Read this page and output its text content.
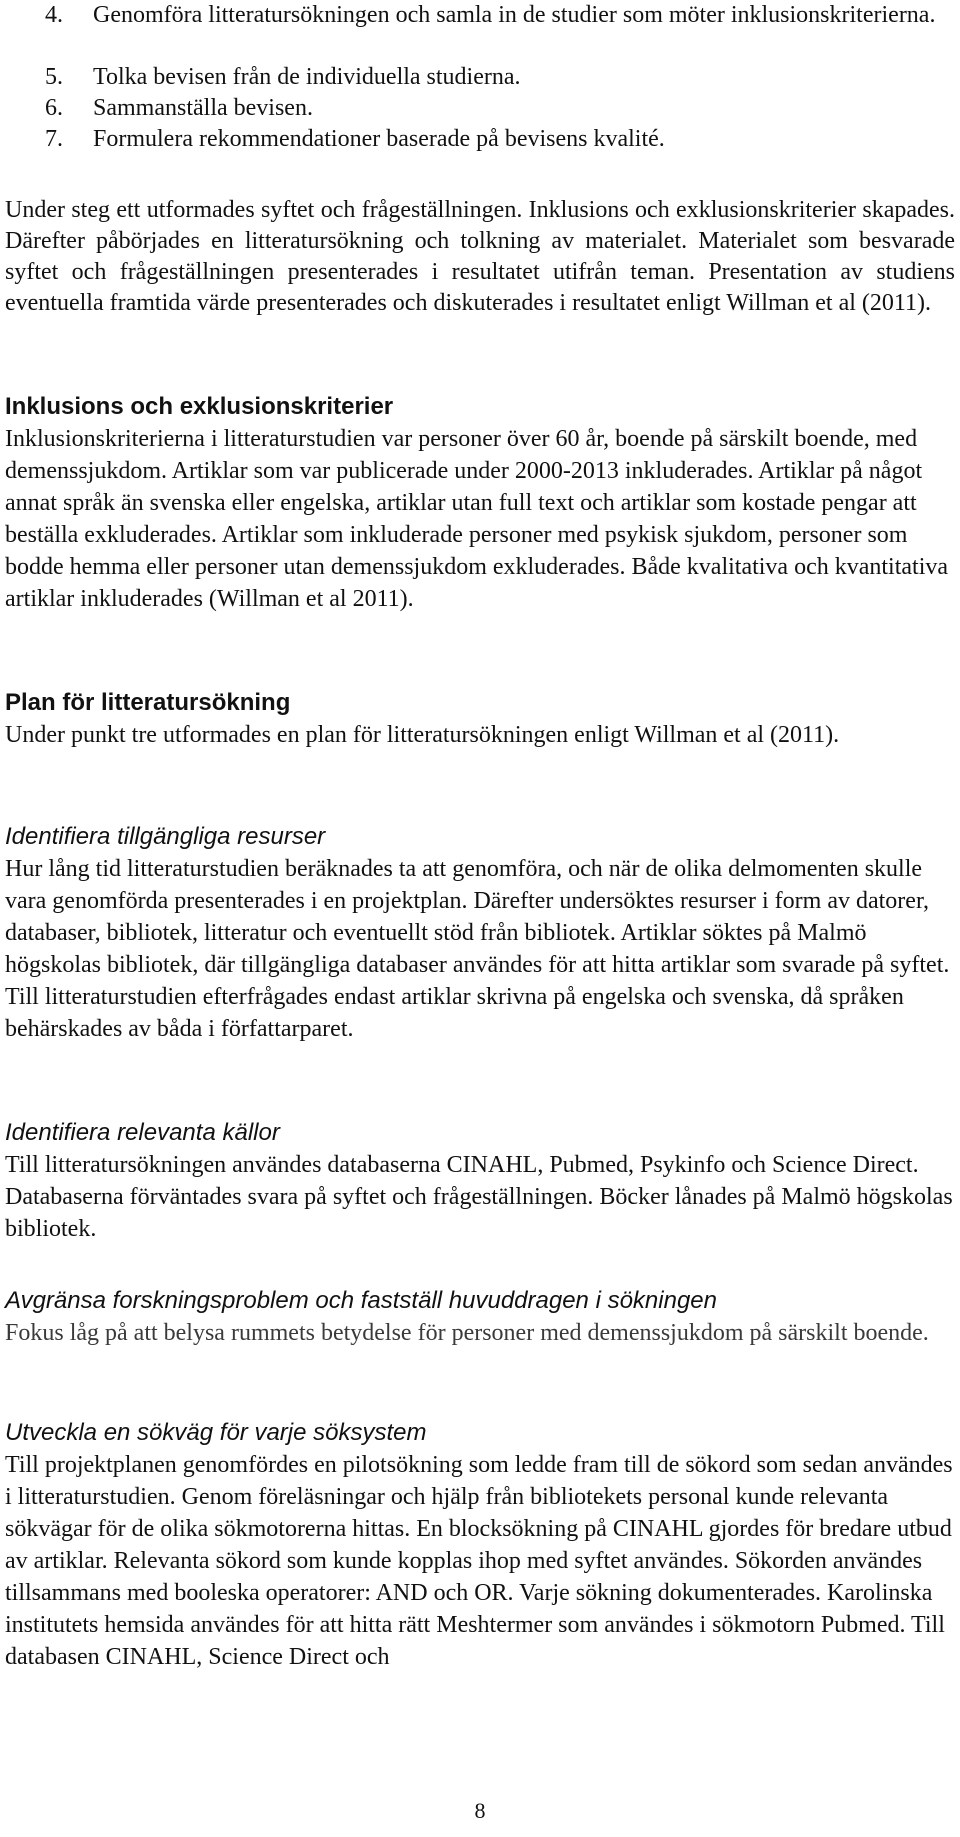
4. Genomföra litteratursökningen och samla in de studier som möter inklusionskriterierna.
5. Tolka bevisen från de individuella studierna.
6. Sammanställa bevisen.
7. Formulera rekommendationer baserade på bevisens kvalité.

Under steg ett utformades syftet och frågeställningen. Inklusions och exklusionskriterier skapades. Därefter påbörjades en litteratursökning och tolkning av materialet. Materialet som besvarade syftet och frågeställningen presenterades i resultatet utifrån teman. Presentation av studiens eventuella framtida värde presenterades och diskuterades i resultatet enligt Willman et al (2011).

Inklusions och exklusionskriterier

Inklusionskriterierna i litteraturstudien var personer över 60 år, boende på särskilt boende, med demenssjukdom. Artiklar som var publicerade under 2000-2013 inkluderades. Artiklar på något annat språk än svenska eller engelska, artiklar utan full text och artiklar som kostade pengar att beställa exkluderades. Artiklar som inkluderade personer med psykisk sjukdom, personer som bodde hemma eller personer utan demenssjukdom exkluderades. Både kvalitativa och kvantitativa artiklar inkluderades (Willman et al 2011).

Plan för litteratursökning

Under punkt tre utformades en plan för litteratursökningen enligt Willman et al (2011).

Identifiera tillgängliga resurser

Hur lång tid litteraturstudien beräknades ta att genomföra, och när de olika delmomenten skulle vara genomförda presenterades i en projektplan. Därefter undersöktes resurser i form av datorer, databaser, bibliotek, litteratur och eventuellt stöd från bibliotek. Artiklar söktes på Malmö högskolas bibliotek, där tillgängliga databaser användes för att hitta artiklar som svarade på syftet. Till litteraturstudien efterfrågades endast artiklar skrivna på engelska och svenska, då språken behärskades av båda i författarparet.

Identifiera relevanta källor

Till litteratursökningen användes databaserna CINAHL, Pubmed, Psykinfo och Science Direct. Databaserna förväntades svara på syftet och frågeställningen. Böcker lånades på Malmö högskolas bibliotek.

Avgränsa forskningsproblem och fastställ huvuddragen i sökningen

Fokus låg på att belysa rummets betydelse för personer med demenssjukdom på särskilt boende.

Utveckla en sökväg för varje söksystem

Till projektplanen genomfördes en pilotsökning som ledde fram till de sökord som sedan användes i litteraturstudien. Genom föreläsningar och hjälp från bibliotekets personal kunde relevanta sökvägar för de olika sökmotorerna hittas. En blocksökning på CINAHL gjordes för bredare utbud av artiklar. Relevanta sökord som kunde kopplas ihop med syftet användes. Sökorden användes tillsammans med booleska operatorer: AND och OR. Varje sökning dokumenterades. Karolinska institutets hemsida användes för att hitta rätt Meshtermer som användes i sökmotorn Pubmed. Till databasen CINAHL, Science Direct och

8
